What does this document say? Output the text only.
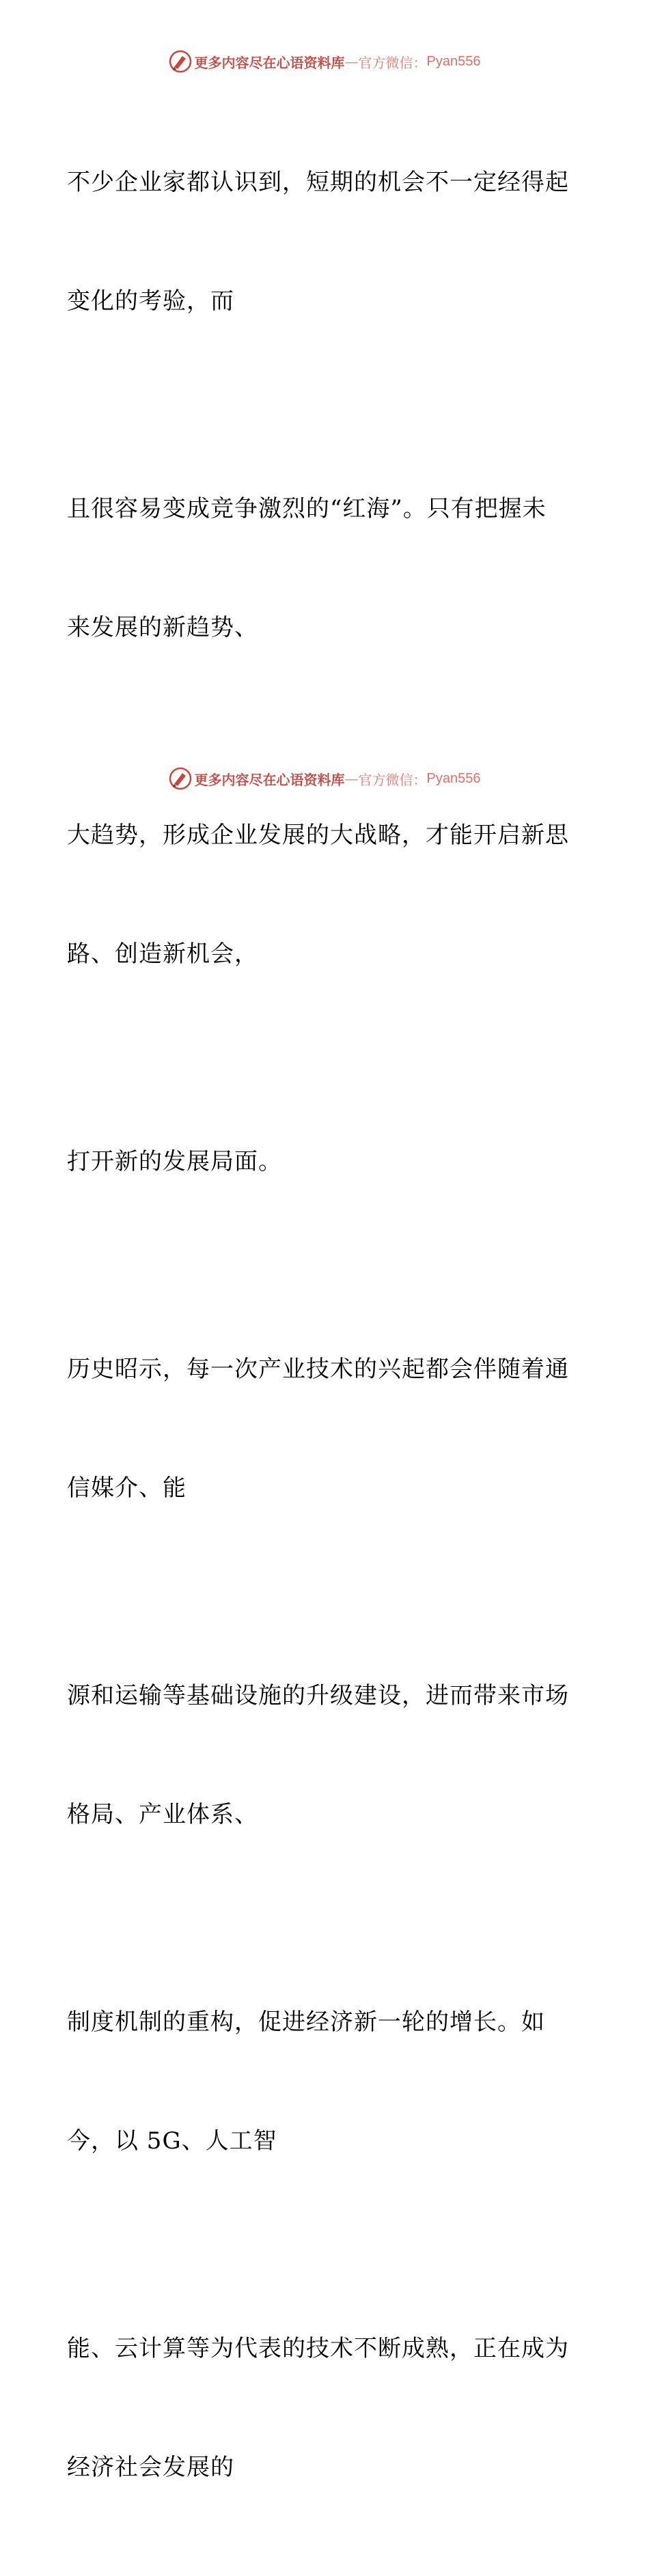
更多内容尽在心语资料库 — 官方微信： Pyan556

不少企业家都认识到，短期的机会不一定经得起

变化的考验，而

且很容易变成竞争激烈的“红海”。只有把握未

来发展的新趋势、

大趋势，形成企业发展的大战略，才能开启新思

路、创造新机会，

打开新的发展局面。

历史昭示，每一次产业技术的兴起都会伴随着通

信媒介、能

源和运输等基础设施的升级建设，进而带来市场

格局、产业体系、

制度机制的重构，促进经济新一轮的增长。如

今，以 5G、人工智

能、云计算等为代表的技术不断成熟，正在成为

经济社会发展的

更多内容尽在心语资料库 — 官方微信： Pyan556
